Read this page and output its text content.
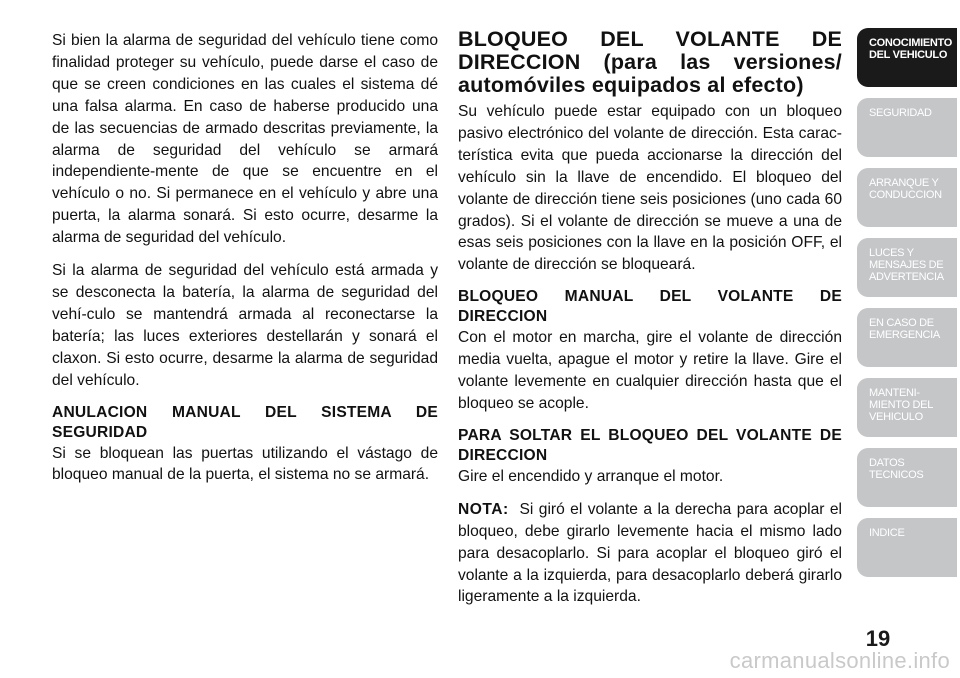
Si bien la alarma de seguridad del vehículo tiene como finalidad proteger su vehículo, puede darse el caso de que se creen condiciones en las cuales el sistema dé una falsa alarma. En caso de haberse producido una de las secuencias de armado descritas previamente, la alarma de seguridad del vehículo se armará independiente-mente de que se encuentre en el vehículo o no. Si permanece en el vehículo y abre una puerta, la alarma sonará. Si esto ocurre, desarme la alarma de seguridad del vehículo.

Si la alarma de seguridad del vehículo está armada y se desconecta la batería, la alarma de seguridad del vehí-culo se mantendrá armada al reconectarse la batería; las luces exteriores destellarán y sonará el claxon. Si esto ocurre, desarme la alarma de seguridad del vehículo.

ANULACION MANUAL DEL SISTEMA DE SEGURIDAD

Si se bloquean las puertas utilizando el vástago de bloqueo manual de la puerta, el sistema no se armará.

BLOQUEO DEL VOLANTE DE DIRECCION (para las versiones/ automóviles equipados al efecto)

Su vehículo puede estar equipado con un bloqueo pasivo electrónico del volante de dirección. Esta carac-terística evita que pueda accionarse la dirección del vehículo sin la llave de encendido. El bloqueo del volante de dirección tiene seis posiciones (uno cada 60 grados). Si el volante de dirección se mueve a una de esas seis posiciones con la llave en la posición OFF, el volante de dirección se bloqueará.

BLOQUEO MANUAL DEL VOLANTE DE DIRECCION

Con el motor en marcha, gire el volante de dirección media vuelta, apague el motor y retire la llave. Gire el volante levemente en cualquier dirección hasta que el bloqueo se acople.

PARA SOLTAR EL BLOQUEO DEL VOLANTE DE DIRECCION

Gire el encendido y arranque el motor.

NOTA: Si giró el volante a la derecha para acoplar el bloqueo, debe girarlo levemente hacia el mismo lado para desacoplarlo. Si para acoplar el bloqueo giró el volante a la izquierda, para desacoplarlo deberá girarlo ligeramente a la izquierda.

CONOCIMIENTO
DEL VEHICULO
SEGURIDAD
ARRANQUE Y
CONDUCCION
LUCES Y
MENSAJES DE
ADVERTENCIA
EN CASO DE
EMERGENCIA
MANTENI-
MIENTO DEL
VEHICULO
DATOS
TECNICOS
INDICE
19
carmanualsonline.info
